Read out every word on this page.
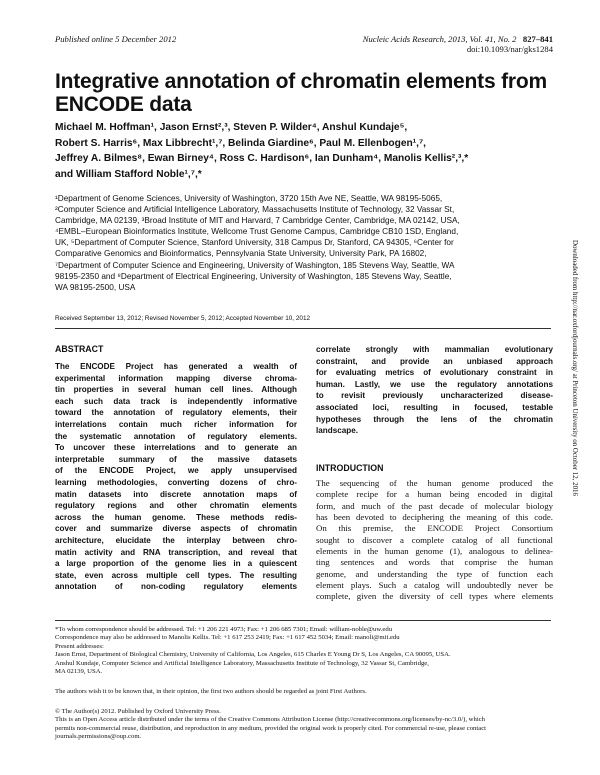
Published online 5 December 2012	Nucleic Acids Research, 2013, Vol. 41, No. 2 827–841
doi:10.1093/nar/gks1284
Integrative annotation of chromatin elements from
ENCODE data
Michael M. Hoffman¹, Jason Ernst²,³, Steven P. Wilder⁴, Anshul Kundaje⁵,
Robert S. Harris⁶, Max Libbrecht¹,⁷, Belinda Giardine⁶, Paul M. Ellenbogen¹,⁷,
Jeffrey A. Bilmes⁸, Ewan Birney⁴, Ross C. Hardison⁶, Ian Dunham⁴, Manolis Kellis²,³,*
and William Stafford Noble¹,⁷,*
¹Department of Genome Sciences, University of Washington, 3720 15th Ave NE, Seattle, WA 98195-5065,
²Computer Science and Artificial Intelligence Laboratory, Massachusetts Institute of Technology, 32 Vassar St,
Cambridge, MA 02139, ³Broad Institute of MIT and Harvard, 7 Cambridge Center, Cambridge, MA 02142, USA,
⁴EMBL–European Bioinformatics Institute, Wellcome Trust Genome Campus, Cambridge CB10 1SD, England,
UK, ⁵Department of Computer Science, Stanford University, 318 Campus Dr, Stanford, CA 94305, ⁶Center for
Comparative Genomics and Bioinformatics, Pennsylvania State University, University Park, PA 16802,
⁷Department of Computer Science and Engineering, University of Washington, 185 Stevens Way, Seattle, WA
98195-2350 and ⁸Department of Electrical Engineering, University of Washington, 185 Stevens Way, Seattle,
WA 98195-2500, USA
Received September 13, 2012; Revised November 5, 2012; Accepted November 10, 2012
ABSTRACT
The ENCODE Project has generated a wealth of
experimental information mapping diverse chroma-
tin properties in several human cell lines. Although
each such data track is independently informative
toward the annotation of regulatory elements, their
interrelations contain much richer information for
the systematic annotation of regulatory elements.
To uncover these interrelations and to generate an
interpretable summary of the massive datasets
of the ENCODE Project, we apply unsupervised
learning methodologies, converting dozens of chro-
matin datasets into discrete annotation maps of
regulatory regions and other chromatin elements
across the human genome. These methods redis-
cover and summarize diverse aspects of chromatin
architecture, elucidate the interplay between chro-
matin activity and RNA transcription, and reveal that
a large proportion of the genome lies in a quiescent
state, even across multiple cell types. The resulting
annotation of non-coding regulatory elements
correlate strongly with mammalian evolutionary
constraint, and provide an unbiased approach
for evaluating metrics of evolutionary constraint in
human. Lastly, we use the regulatory annotations
to revisit previously uncharacterized disease-
associated loci, resulting in focused, testable
hypotheses through the lens of the chromatin
landscape.
INTRODUCTION
The sequencing of the human genome produced the
complete recipe for a human being encoded in digital
form, and much of the past decade of molecular biology
has been devoted to deciphering the meaning of this code.
On this premise, the ENCODE Project Consortium
sought to discover a complete catalog of all functional
elements in the human genome (1), analogous to delinea-
ting sentences and words that comprise the human
genome, and understanding the type of function each
element plays. Such a catalog will undoubtedly never be
complete, given the diversity of cell types where elements
Downloaded from http://nar.oxfordjournals.org/ at Princeton University on October 12, 2016
*To whom correspondence should be addressed. Tel: +1 206 221 4973; Fax: +1 206 685 7301; Email: william-noble@uw.edu
Correspondence may also be addressed to Manolis Kellis. Tel: +1 617 253 2419; Fax: +1 617 452 5034; Email: manoli@mit.edu
Present addresses:
Jason Ernst, Department of Biological Chemistry, University of California, Los Angeles, 615 Charles E Young Dr S, Los Angeles, CA 90095, USA.
Anshul Kundaje, Computer Science and Artificial Intelligence Laboratory, Massachusetts Institute of Technology, 32 Vassar St, Cambridge,
MA 02139, USA.
The authors wish it to be known that, in their opinion, the first two authors should be regarded as joint First Authors.
© The Author(s) 2012. Published by Oxford University Press.
This is an Open Access article distributed under the terms of the Creative Commons Attribution License (http://creativecommons.org/licenses/by-nc/3.0/), which
permits non-commercial reuse, distribution, and reproduction in any medium, provided the original work is properly cited. For commercial re-use, please contact
journals.permissions@oup.com.
